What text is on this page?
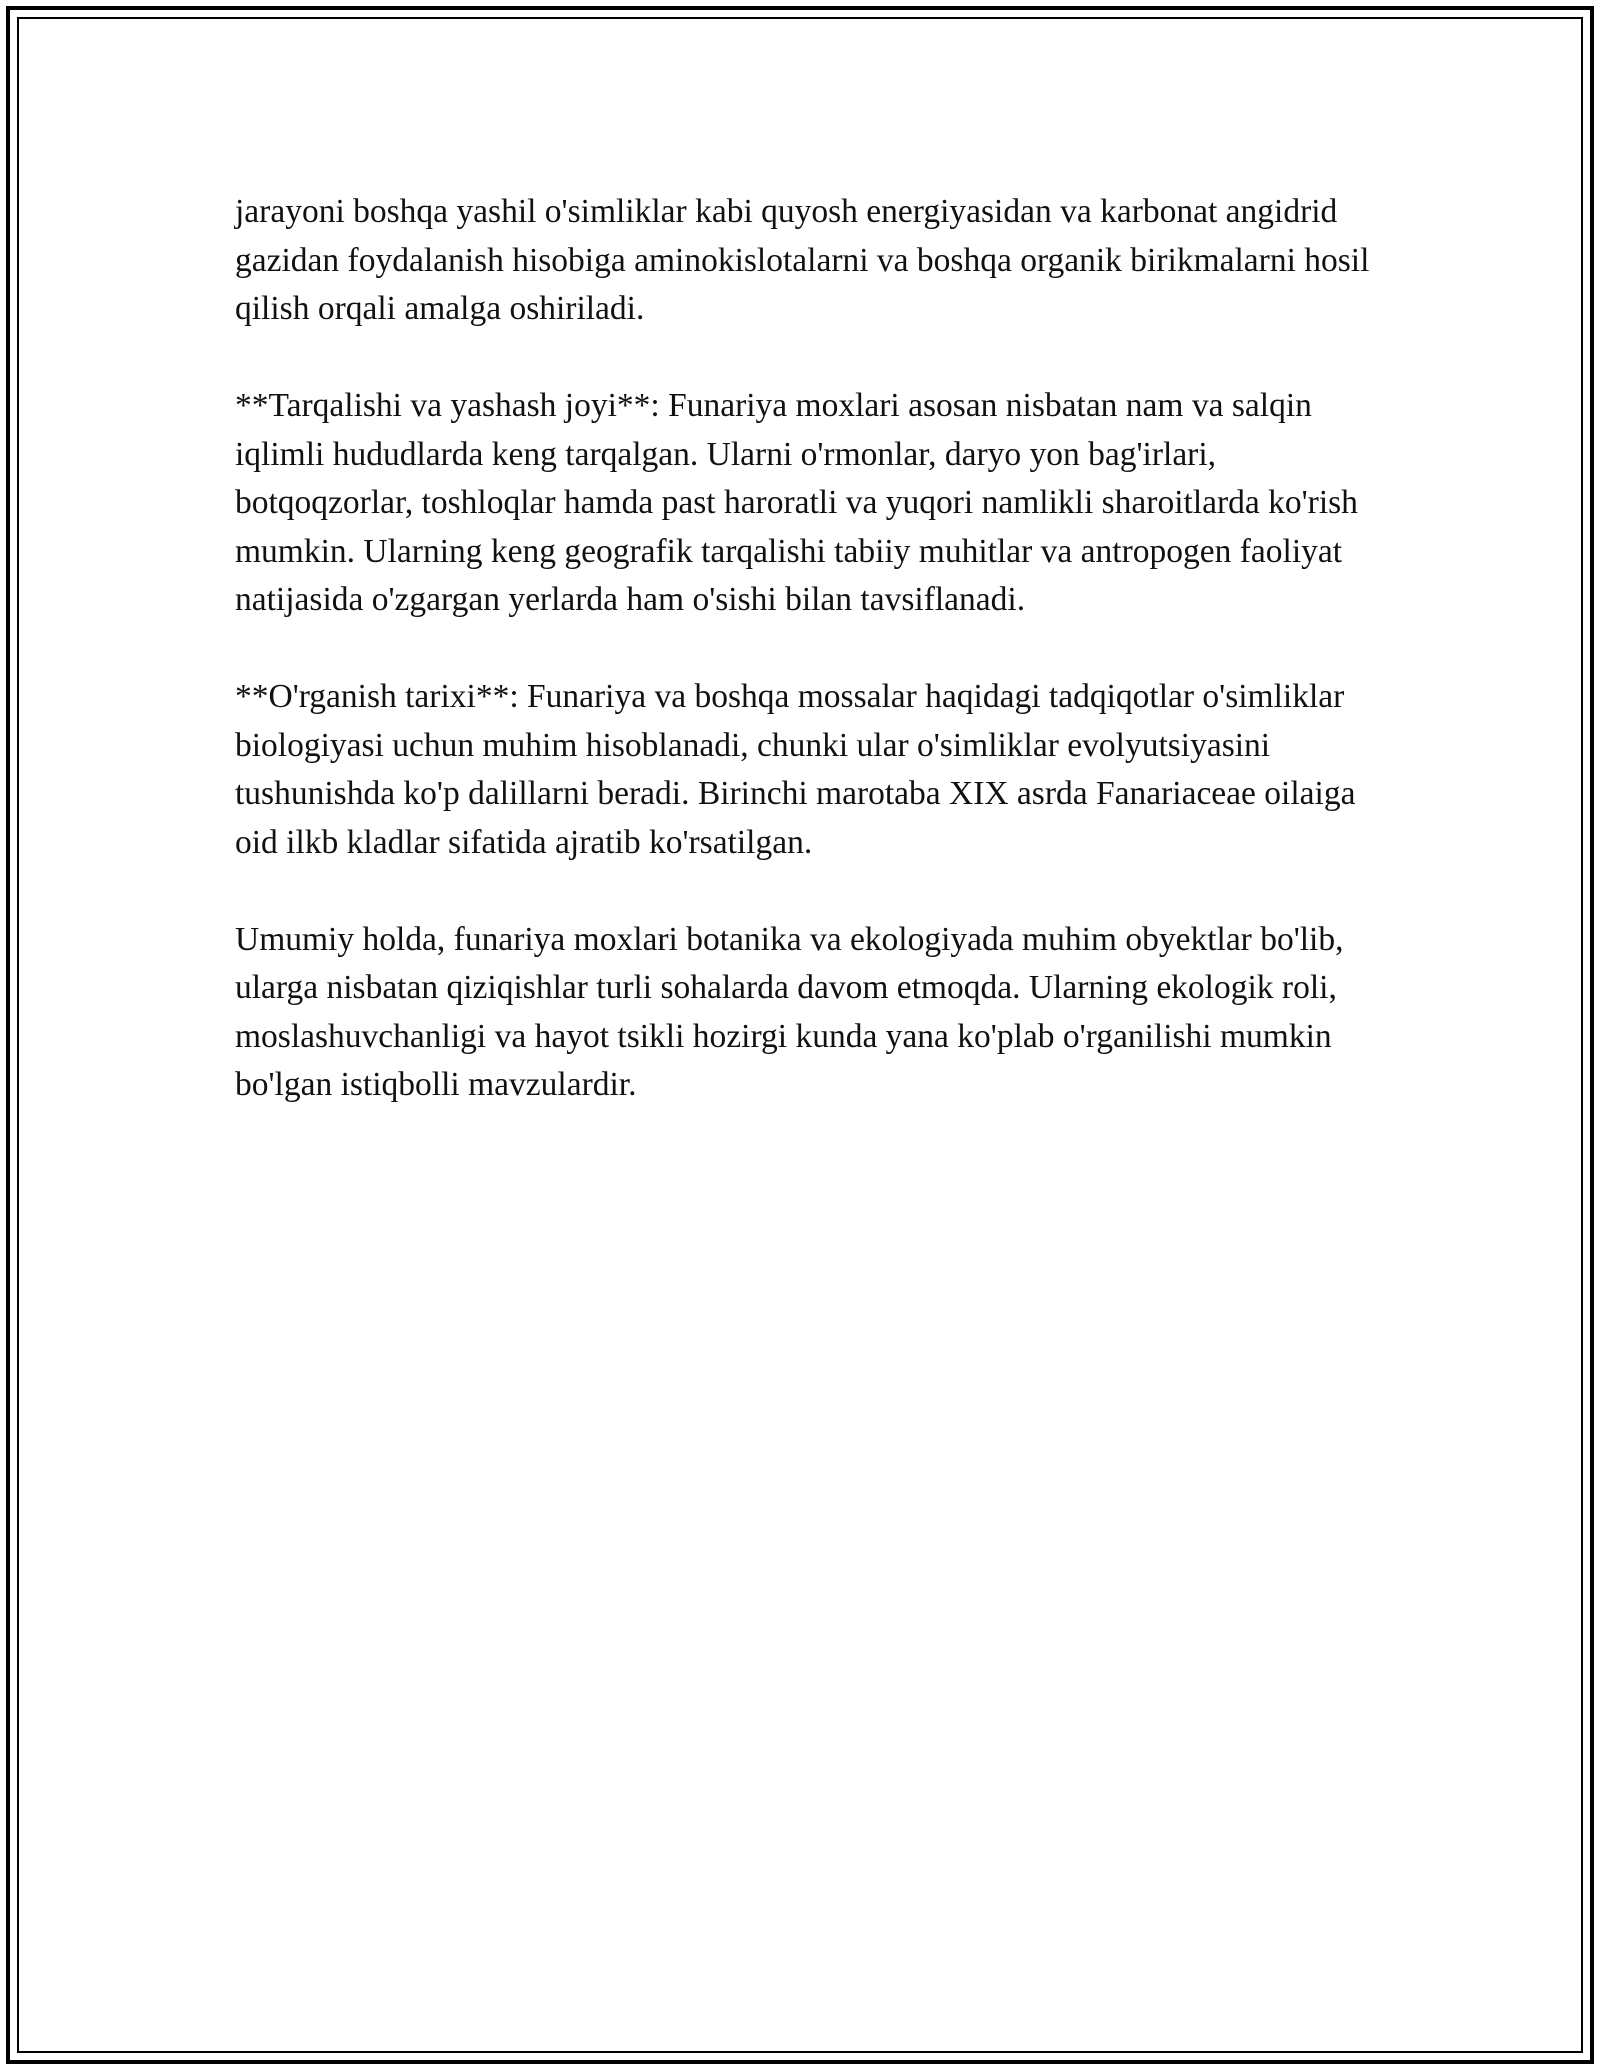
jarayoni boshqa yashil o'simliklar kabi quyosh energiyasidan va karbonat angidrid gazidan foydalanish hisobiga aminokislotalarni va boshqa organik birikmalarni hosil qilish orqali amalga oshiriladi.

**Tarqalishi va yashash joyi**: Funariya moxlari asosan nisbatan nam va salqin iqlimli hududlarda keng tarqalgan. Ularni o'rmonlar, daryo yon bag'irlari, botqoqzorlar, toshloqlar hamda past haroratli va yuqori namlikli sharoitlarda ko'rish mumkin. Ularning keng geografik tarqalishi tabiiy muhitlar va antropogen faoliyat natijasida o'zgargan yerlarda ham o'sishi bilan tavsiflanadi.

**O'rganish tarixi**: Funariya va boshqa mossalar haqidagi tadqiqotlar o'simliklar biologiyasi uchun muhim hisoblanadi, chunki ular o'simliklar evolyutsiyasini tushunishda ko'p dalillarni beradi. Birinchi marotaba XIX asrda Fanariaceae oilaiga oid ilkb kladlar sifatida ajratib ko'rsatilgan.

Umumiy holda, funariya moxlari botanika va ekologiyada muhim obyektlar bo'lib, ularga nisbatan qiziqishlar turli sohalarda davom etmoqda. Ularning ekologik roli, moslashuvchanligi va hayot tsikli hozirgi kunda yana ko'plab o'rganilishi mumkin bo'lgan istiqbolli mavzulardir.
